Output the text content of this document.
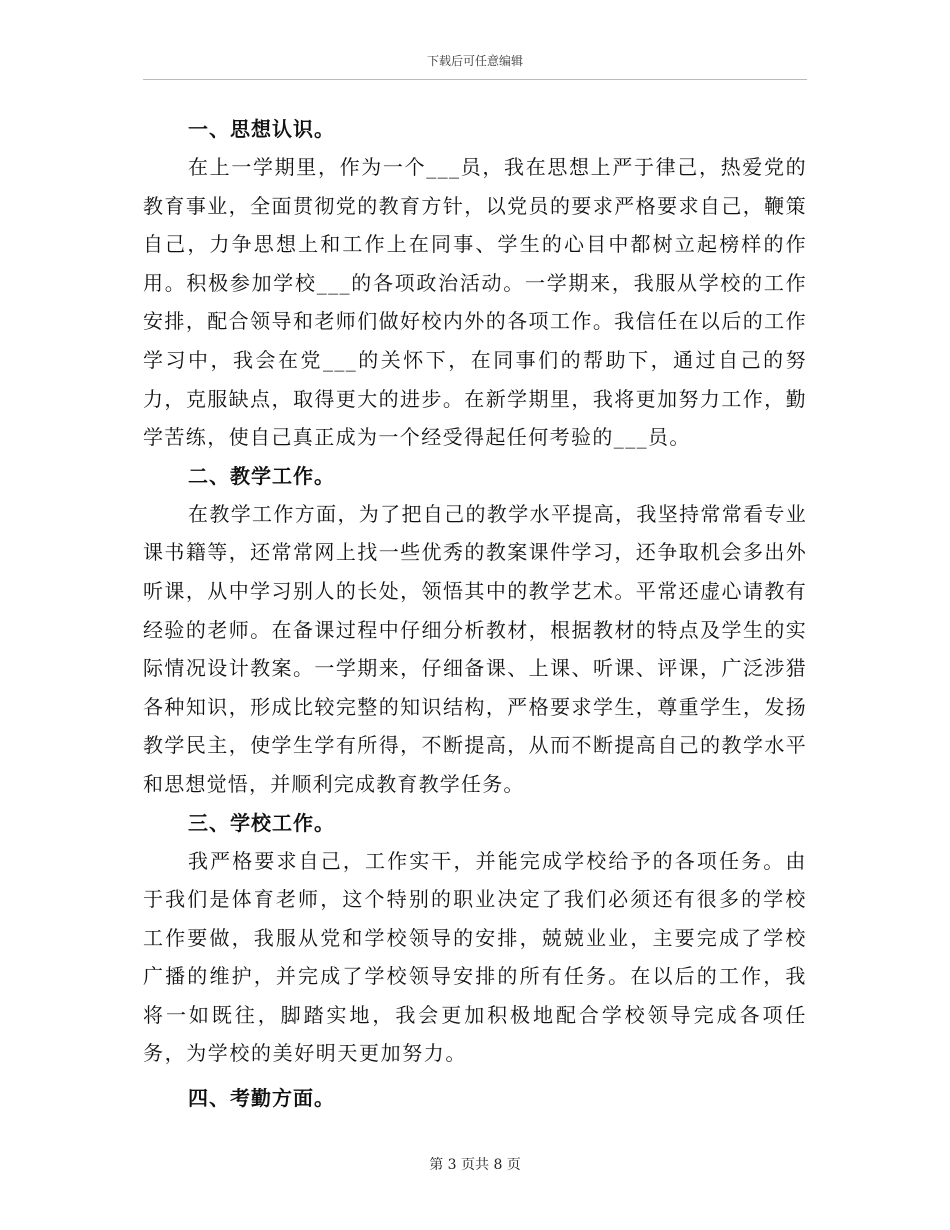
下载后可任意编辑

一、思想认识。

在上一学期里，作为一个___员，我在思想上严于律己，热爱党的教育事业，全面贯彻党的教育方针，以党员的要求严格要求自己，鞭策自己，力争思想上和工作上在同事、学生的心目中都树立起榜样的作用。积极参加学校___的各项政治活动。一学期来，我服从学校的工作安排，配合领导和老师们做好校内外的各项工作。我信任在以后的工作学习中，我会在党___的关怀下，在同事们的帮助下，通过自己的努力，克服缺点，取得更大的进步。在新学期里，我将更加努力工作，勤学苦练，使自己真正成为一个经受得起任何考验的___员。

二、教学工作。

在教学工作方面，为了把自己的教学水平提高，我坚持常常看专业课书籍等，还常常网上找一些优秀的教案课件学习，还争取机会多出外听课，从中学习别人的长处，领悟其中的教学艺术。平常还虚心请教有经验的老师。在备课过程中仔细分析教材，根据教材的特点及学生的实际情况设计教案。一学期来，仔细备课、上课、听课、评课，广泛涉猎各种知识，形成比较完整的知识结构，严格要求学生，尊重学生，发扬教学民主，使学生学有所得，不断提高，从而不断提高自己的教学水平和思想觉悟，并顺利完成教育教学任务。

三、学校工作。

我严格要求自己，工作实干，并能完成学校给予的各项任务。由于我们是体育老师，这个特别的职业决定了我们必须还有很多的学校工作要做，我服从党和学校领导的安排，兢兢业业，主要完成了学校广播的维护，并完成了学校领导安排的所有任务。在以后的工作，我将一如既往，脚踏实地，我会更加积极地配合学校领导完成各项任务，为学校的美好明天更加努力。

四、考勤方面。

第 3 页共 8 页
